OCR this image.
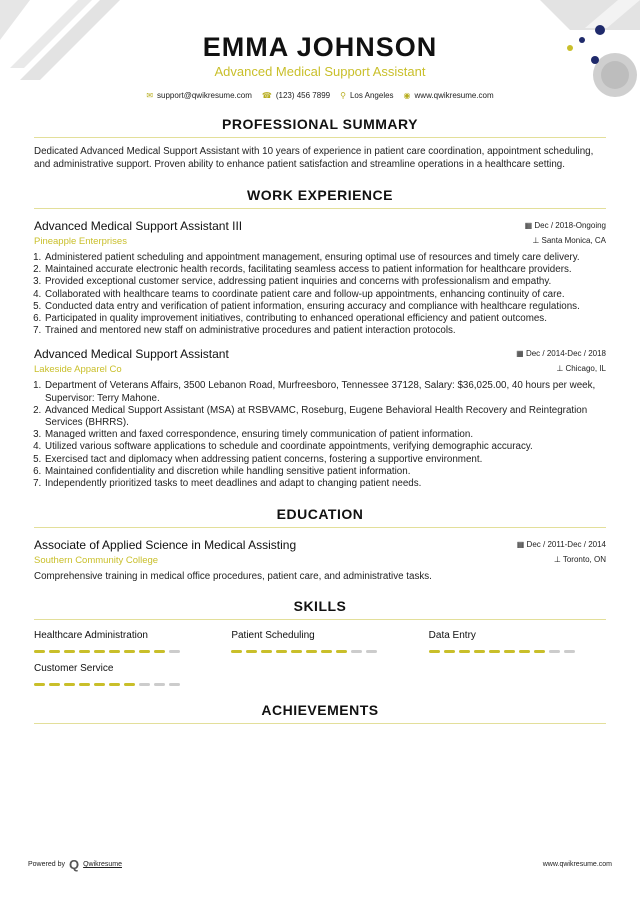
EMMA JOHNSON
Advanced Medical Support Assistant
✉ support@qwikresume.com ☎ (123) 456 7899 ⚲ Los Angeles ◉ www.qwikresume.com
PROFESSIONAL SUMMARY

Dedicated Advanced Medical Support Assistant with 10 years of experience in patient care coordination, appointment scheduling, and administrative support. Proven ability to enhance patient satisfaction and streamline operations in a healthcare setting.

WORK EXPERIENCE
Advanced Medical Support Assistant III	▦ Dec / 2018-Ongoing
Pineapple Enterprises	⊥ Santa Monica, CA
1. Administered patient scheduling and appointment management, ensuring optimal use of resources and timely care delivery.
2. Maintained accurate electronic health records, facilitating seamless access to patient information for healthcare providers.
3. Provided exceptional customer service, addressing patient inquiries and concerns with professionalism and empathy.
4. Collaborated with healthcare teams to coordinate patient care and follow-up appointments, enhancing continuity of care.
5. Conducted data entry and verification of patient information, ensuring accuracy and compliance with healthcare regulations.
6. Participated in quality improvement initiatives, contributing to enhanced operational efficiency and patient outcomes.
7. Trained and mentored new staff on administrative procedures and patient interaction protocols.
Advanced Medical Support Assistant	▦ Dec / 2014-Dec / 2018
Lakeside Apparel Co	⊥ Chicago, IL
1. Department of Veterans Affairs, 3500 Lebanon Road, Murfreesboro, Tennessee 37128, Salary: $36,025.00, 40 hours per week, Supervisor: Terry Mahone.
2. Advanced Medical Support Assistant (MSA) at RSBVAMC, Roseburg, Eugene Behavioral Health Recovery and Reintegration Services (BHRRS).
3. Managed written and faxed correspondence, ensuring timely communication of patient information.
4. Utilized various software applications to schedule and coordinate appointments, verifying demographic accuracy.
5. Exercised tact and diplomacy when addressing patient concerns, fostering a supportive environment.
6. Maintained confidentiality and discretion while handling sensitive patient information.
7. Independently prioritized tasks to meet deadlines and adapt to changing patient needs.
EDUCATION
Associate of Applied Science in Medical Assisting	▦ Dec / 2011-Dec / 2014
Southern Community College	⊥ Toronto, ON

Comprehensive training in medical office procedures, patient care, and administrative tasks.

SKILLS
Healthcare Administration	Patient Scheduling	Data Entry
Customer Service
ACHIEVEMENTS
Powered by Q Qwikresume	www.qwikresume.com
